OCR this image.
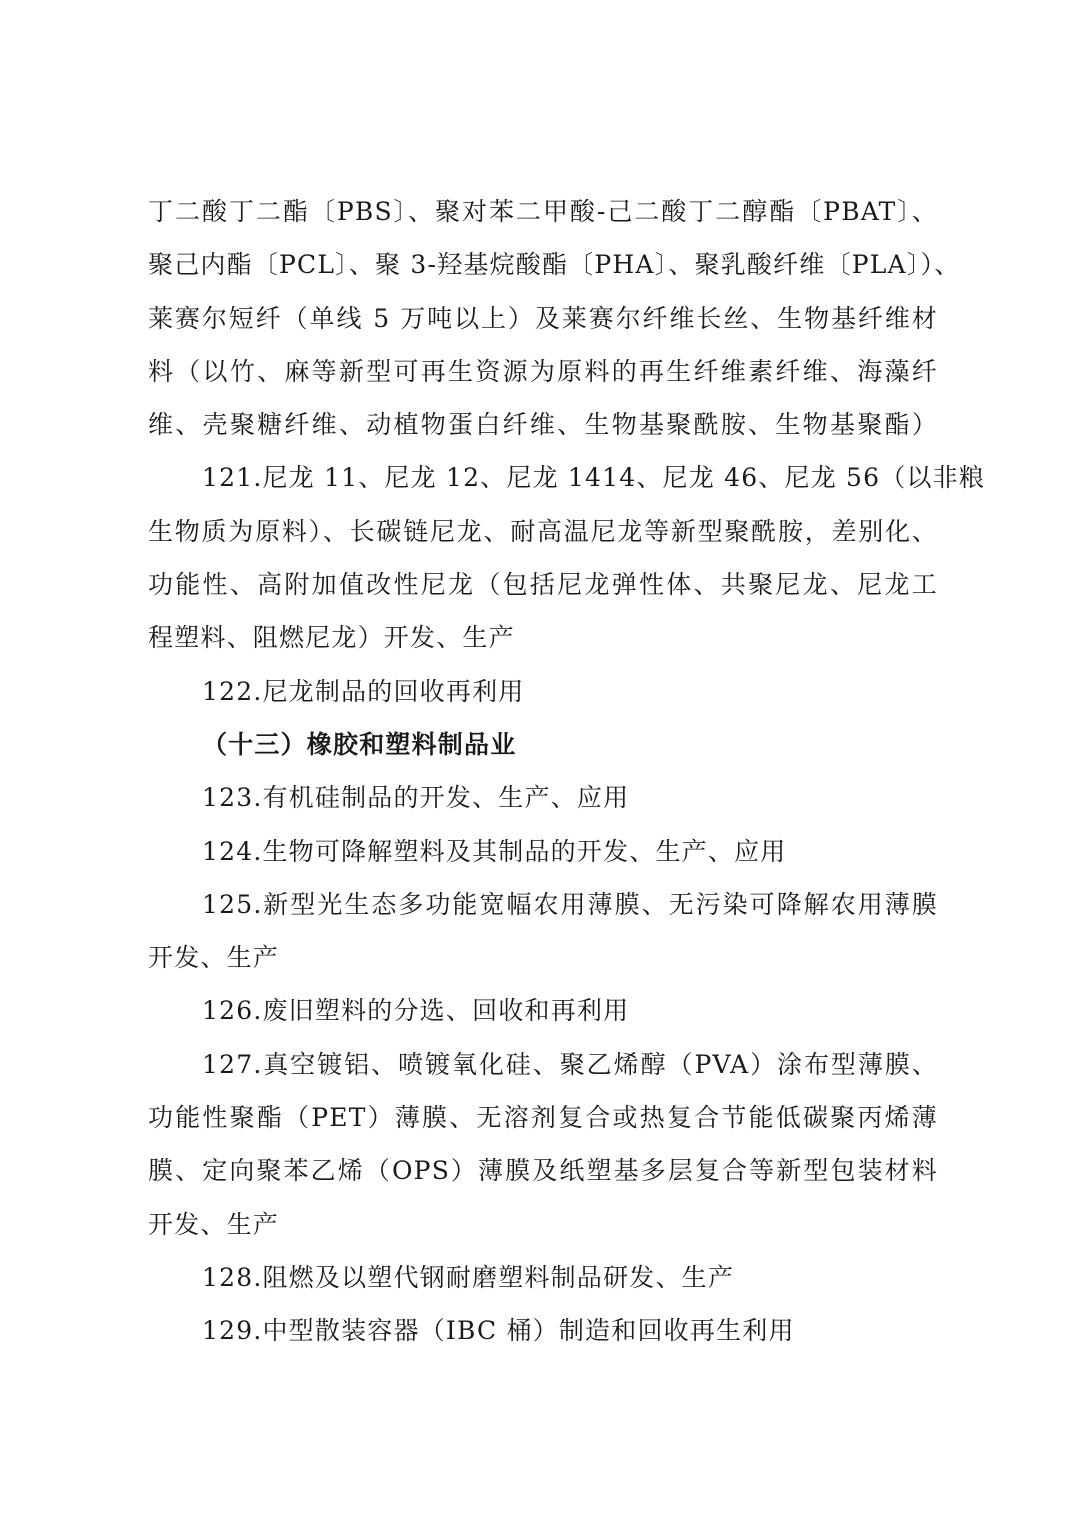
丁二酸丁二酯〔PBS〕、聚对苯二甲酸-己二酸丁二醇酯〔PBAT〕、
聚己内酯〔PCL〕、聚 3-羟基烷酸酯〔PHA〕、聚乳酸纤维〔PLA〕）、
莱赛尔短纤（单线 5 万吨以上）及莱赛尔纤维长丝、生物基纤维材
料（以竹、麻等新型可再生资源为原料的再生纤维素纤维、海藻纤
维、壳聚糖纤维、动植物蛋白纤维、生物基聚酰胺、生物基聚酯）
121.尼龙 11、尼龙 12、尼龙 1414、尼龙 46、尼龙 56（以非粮
生物质为原料）、长碳链尼龙、耐高温尼龙等新型聚酰胺，差别化、
功能性、高附加值改性尼龙（包括尼龙弹性体、共聚尼龙、尼龙工
程塑料、阻燃尼龙）开发、生产
122.尼龙制品的回收再利用
（十三）橡胶和塑料制品业
123.有机硅制品的开发、生产、应用
124.生物可降解塑料及其制品的开发、生产、应用
125.新型光生态多功能宽幅农用薄膜、无污染可降解农用薄膜
开发、生产
126.废旧塑料的分选、回收和再利用
127.真空镀铝、喷镀氧化硅、聚乙烯醇（PVA）涂布型薄膜、
功能性聚酯（PET）薄膜、无溶剂复合或热复合节能低碳聚丙烯薄
膜、定向聚苯乙烯（OPS）薄膜及纸塑基多层复合等新型包装材料
开发、生产
128.阻燃及以塑代钢耐磨塑料制品研发、生产
129.中型散装容器（IBC 桶）制造和回收再生利用
